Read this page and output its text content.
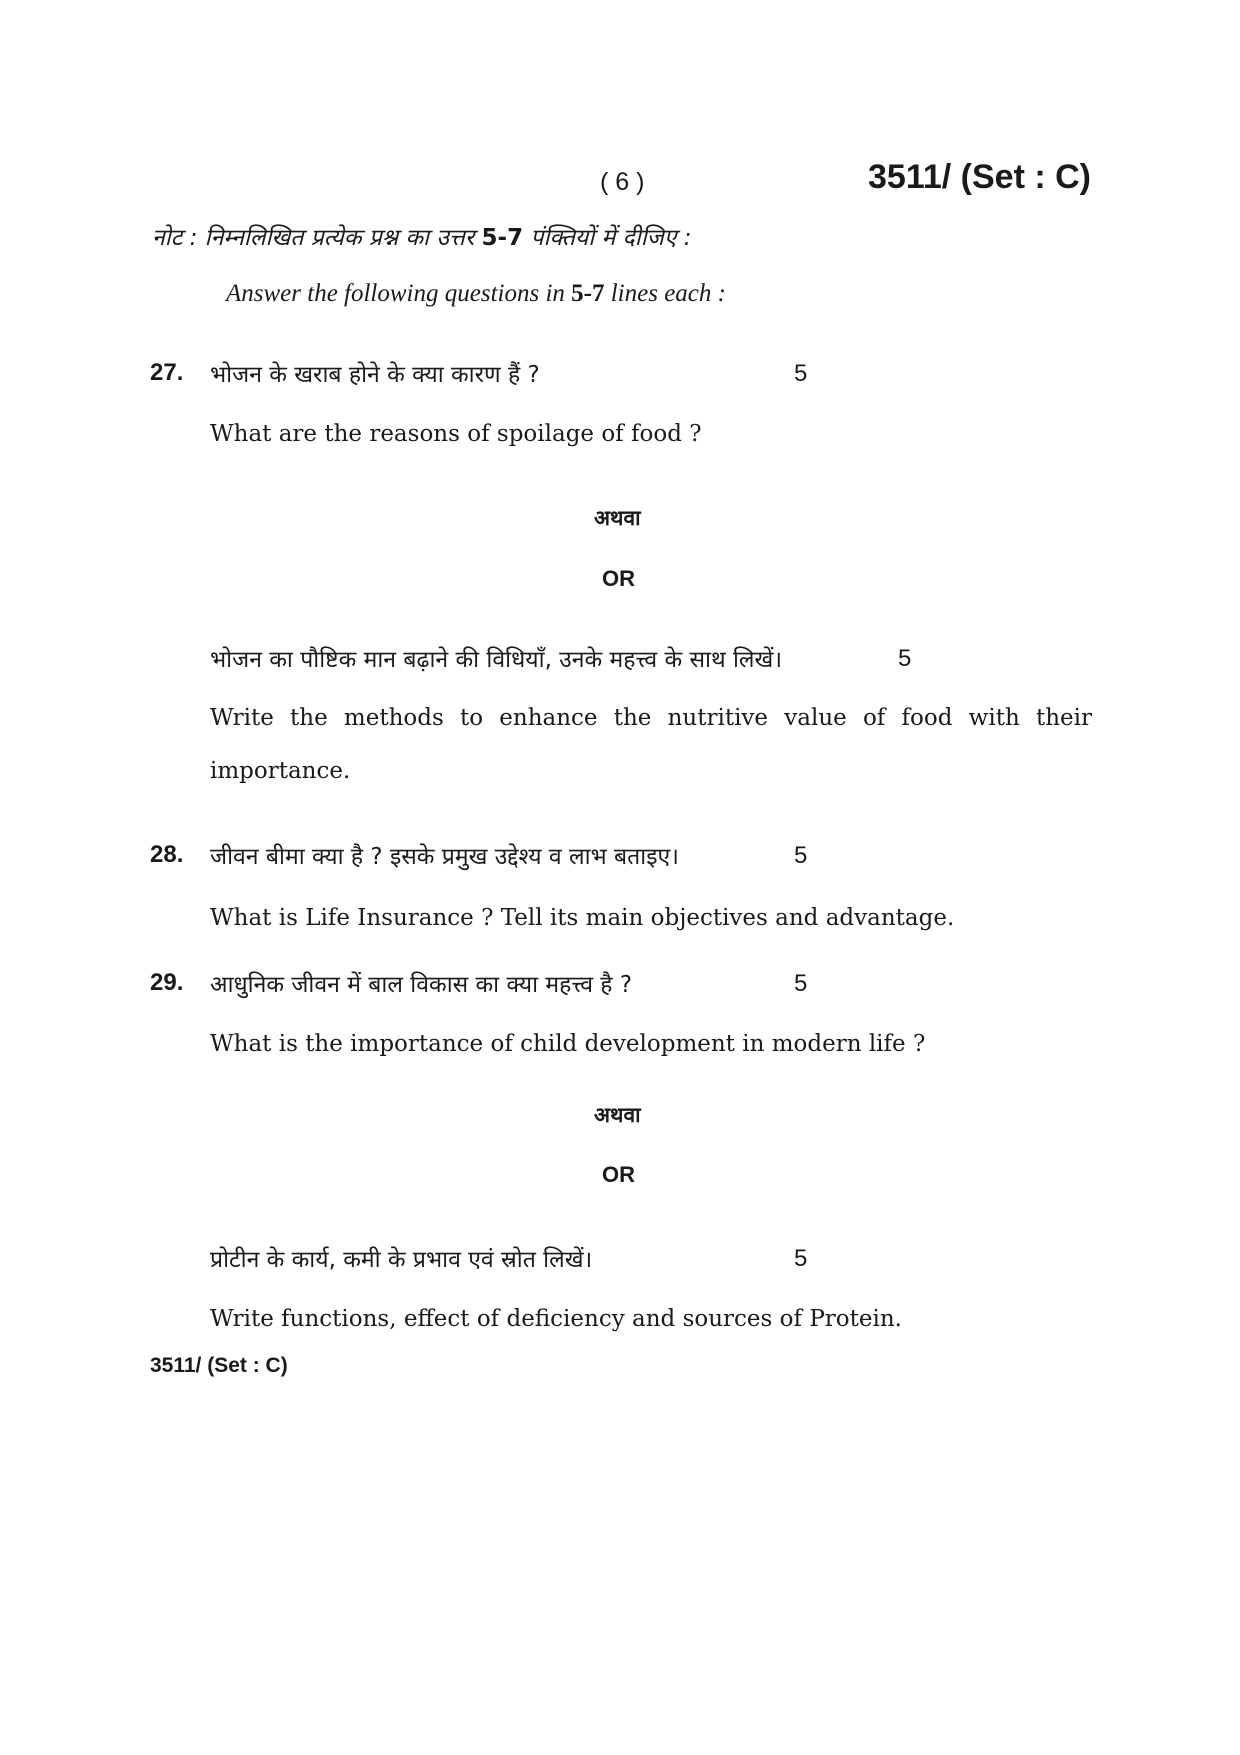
( 6 )	3511/ (Set : C)
नोट : निम्नलिखित प्रत्येक प्रश्न का उत्तर 5-7 पंक्तियों में दीजिए :
Answer the following questions in 5-7 lines each :
27. भोजन के खराब होने के क्या कारण हैं ?	5
What are the reasons of spoilage of food ?
अथवा
OR
भोजन का पौष्टिक मान बढ़ाने की विधियाँ, उनके महत्त्व के साथ लिखें।	5
Write the methods to enhance the nutritive value of food with their
importance.
28. जीवन बीमा क्या है ? इसके प्रमुख उद्देश्य व लाभ बताइए।	5
What is Life Insurance ? Tell its main objectives and advantage.
29. आधुनिक जीवन में बाल विकास का क्या महत्त्व है ?	5
What is the importance of child development in modern life ?
अथवा
OR
प्रोटीन के कार्य, कमी के प्रभाव एवं स्रोत लिखें।	5
Write functions, effect of deficiency and sources of Protein.
3511/ (Set : C)
